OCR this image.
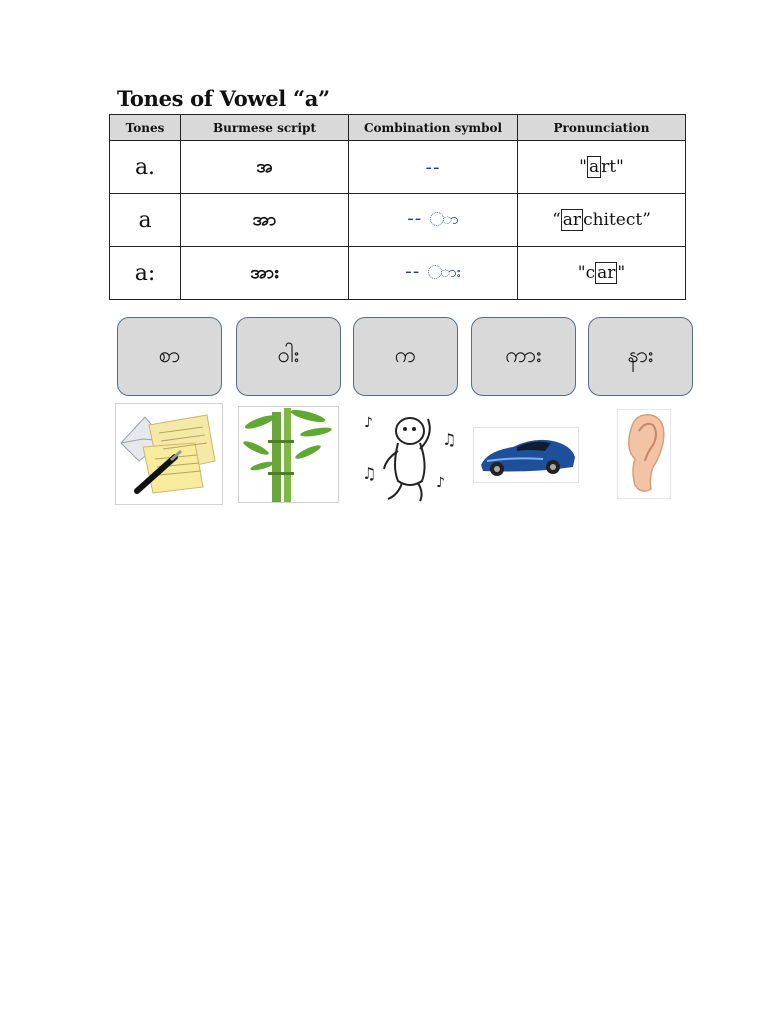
Tones of Vowel “a”
Tones	Burmese script	Combination symbol	Pronunciation
a.	အ	--	" a rt"
a	အာ	-- ာ	“ ar chitect”
a:	အား	-- ား	"c ar "
စာ	ဝါး	က	ကား	နား
♪
♫
♫	♪
